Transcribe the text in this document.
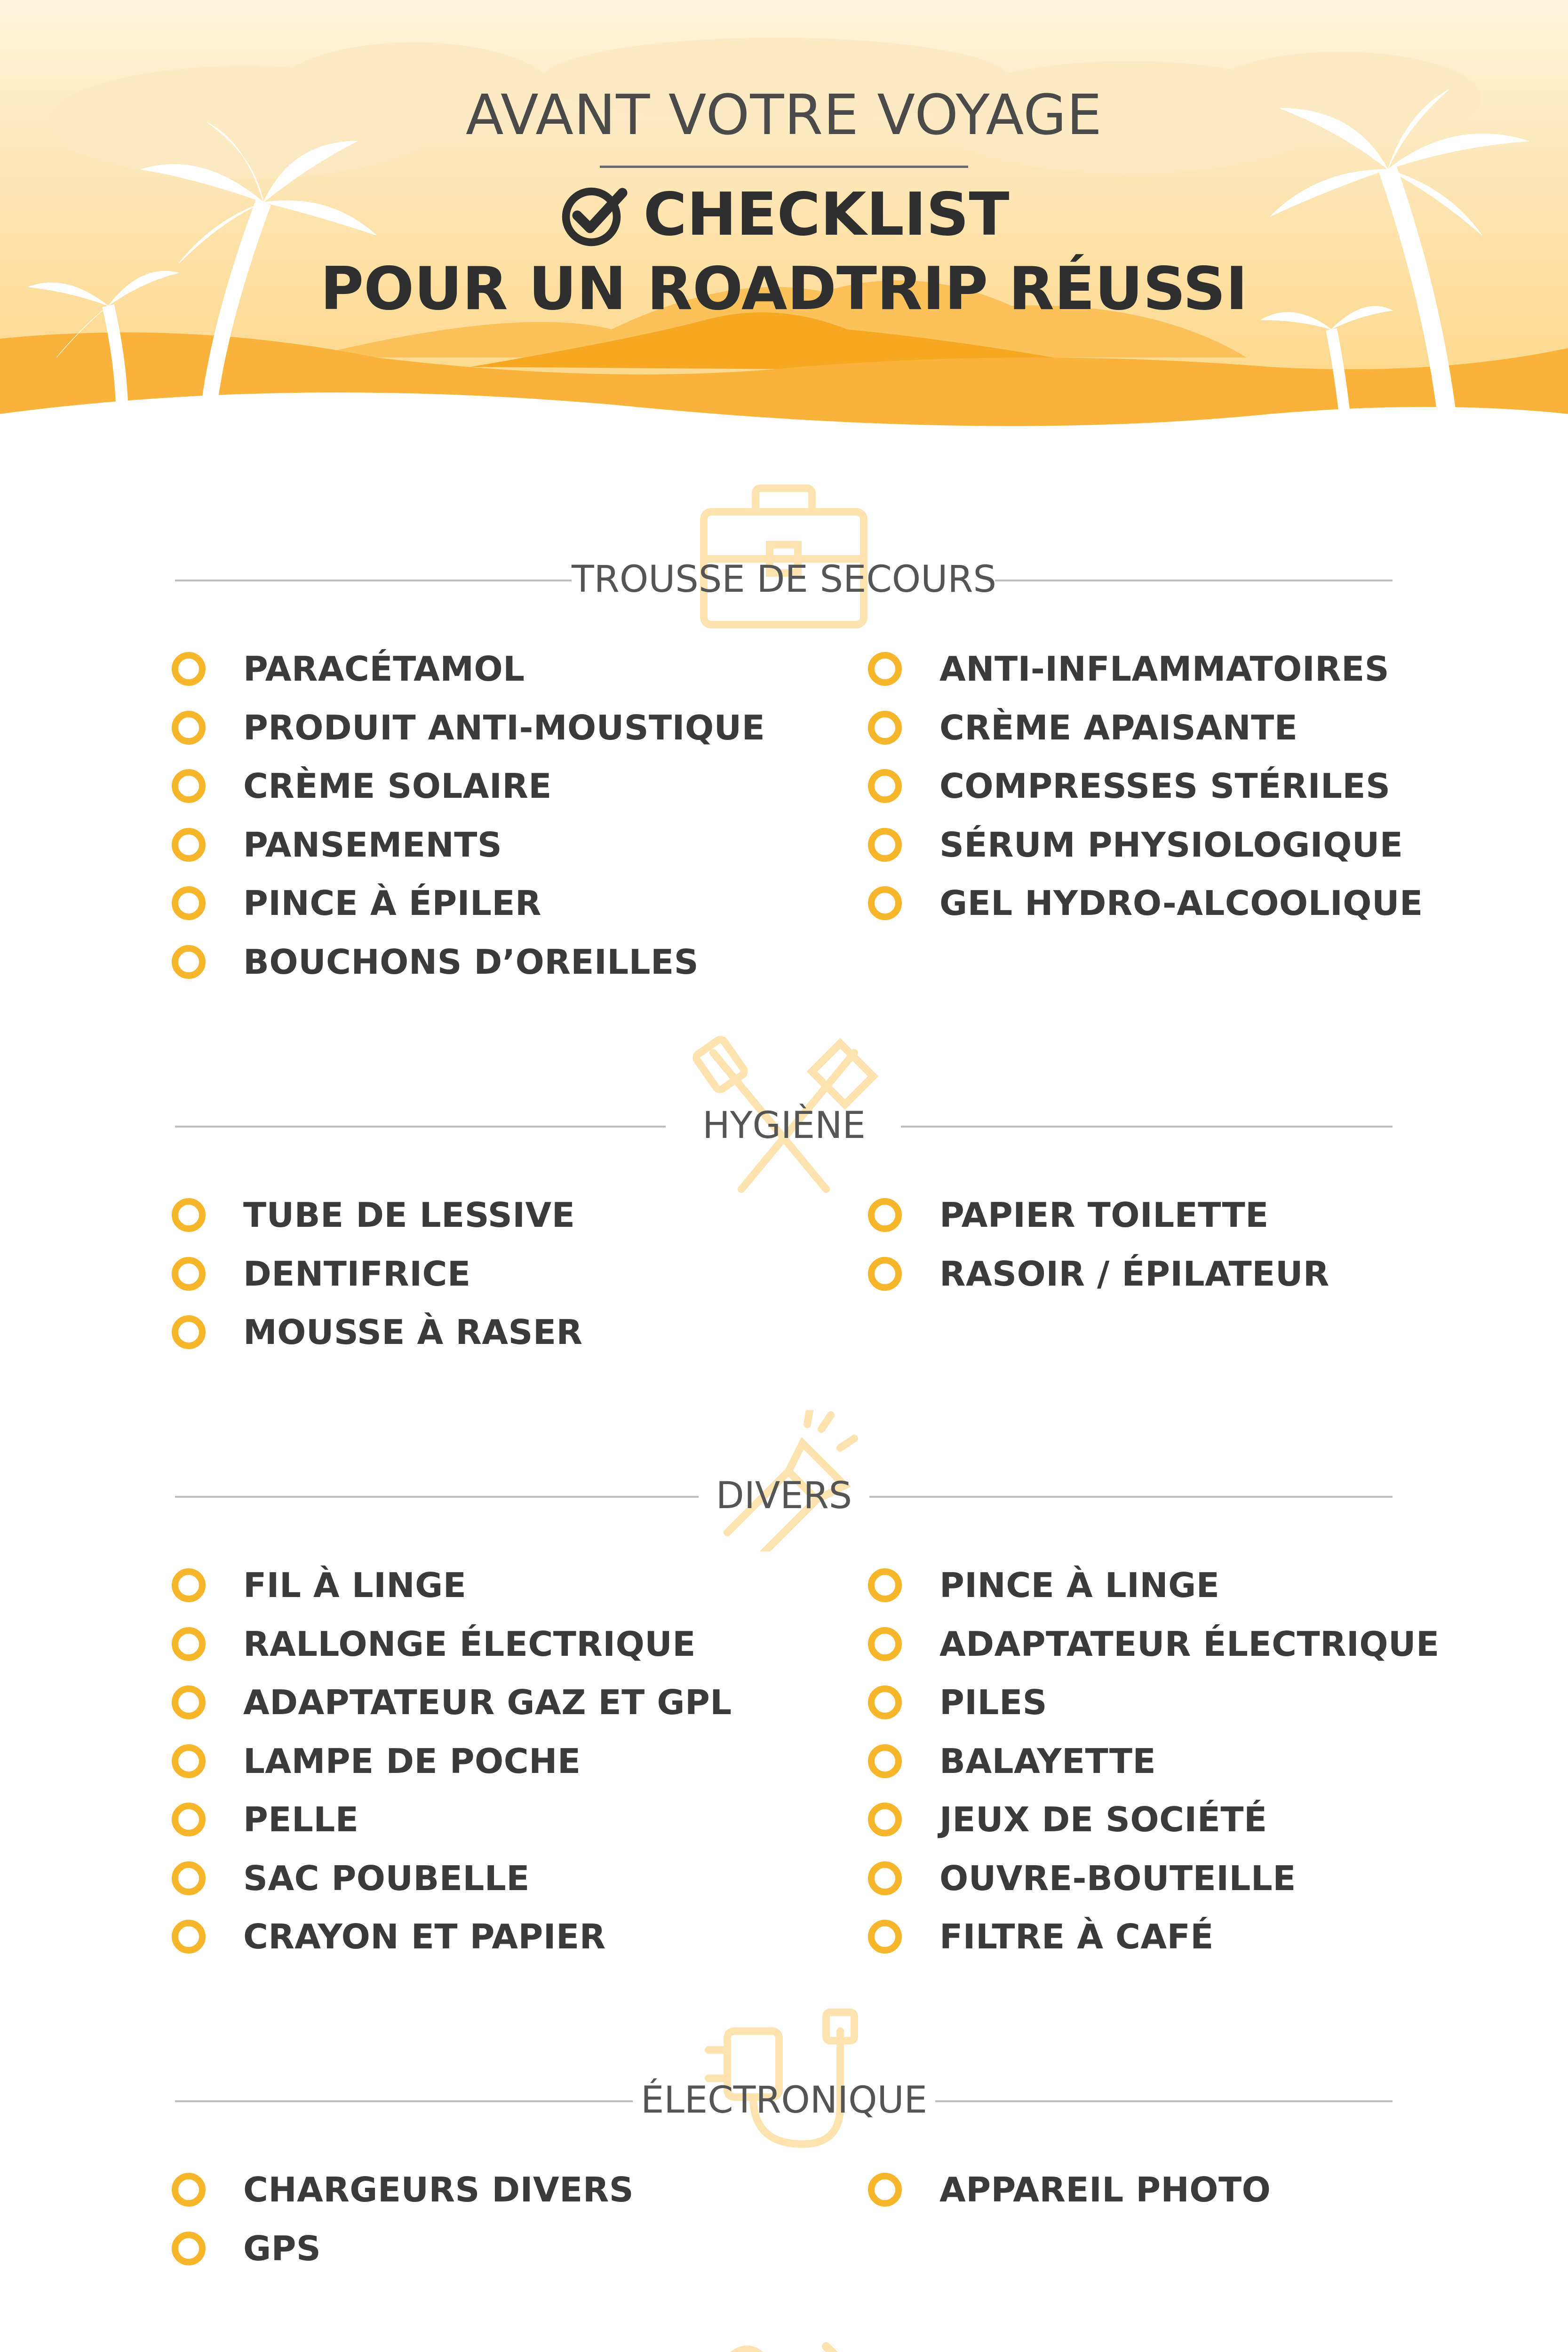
AVANT VOTRE VOYAGE
CHECKLIST
POUR UN ROADTRIP RÉUSSI
TROUSSE DE SECOURS
PARACÉTAMOL
PRODUIT ANTI-MOUSTIQUE
CRÈME SOLAIRE
PANSEMENTS
PINCE À ÉPILER
BOUCHONS D’OREILLES
ANTI-INFLAMMATOIRES
CRÈME APAISANTE
COMPRESSES STÉRILES
SÉRUM PHYSIOLOGIQUE
GEL HYDRO-ALCOOLIQUE
HYGIÈNE
TUBE DE LESSIVE
DENTIFRICE
MOUSSE À RASER
PAPIER TOILETTE
RASOIR / ÉPILATEUR
DIVERS
FIL À LINGE
RALLONGE ÉLECTRIQUE
ADAPTATEUR GAZ ET GPL
LAMPE DE POCHE
PELLE
SAC POUBELLE
CRAYON ET PAPIER
PINCE À LINGE
ADAPTATEUR ÉLECTRIQUE
PILES
BALAYETTE
JEUX DE SOCIÉTÉ
OUVRE-BOUTEILLE
FILTRE À CAFÉ
ÉLECTRONIQUE
CHARGEURS DIVERS
GPS
APPAREIL PHOTO
